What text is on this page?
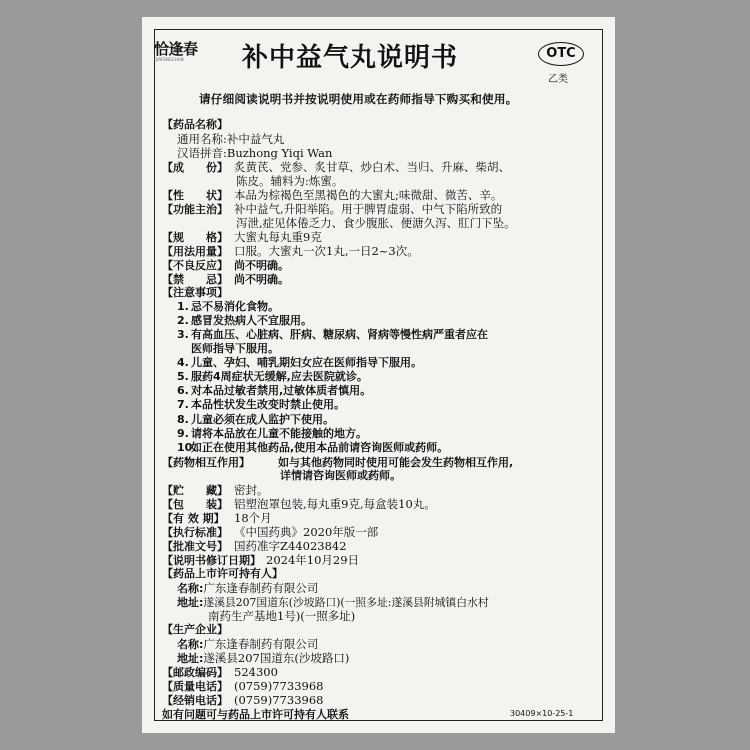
恰逢春
QIAFENGCHUN 补中益气丸说明书	OTC
乙类
请仔细阅读说明书并按说明使用或在药师指导下购买和使用。
【药品名称】
通用名称:补中益气丸
汉语拼音:Buzhong Yiqi Wan
【成　　份】 炙黄芪、党参、炙甘草、炒白术、当归、升麻、柴胡、
陈皮。辅料为:炼蜜。
【性　　状】 本品为棕褐色至黑褐色的大蜜丸;味微甜、微苦、辛。
【功能主治】 补中益气,升阳举陷。用于脾胃虚弱、中气下陷所致的
泻泄,症见体倦乏力、食少腹胀、便溏久泻、肛门下坠。
【规　　格】 大蜜丸每丸重9克
【用法用量】 口服。大蜜丸一次1丸,一日2~3次。
【不良反应】 尚不明确。
【禁　　忌】 尚不明确。
【注意事项】
1. 忌不易消化食物。
2. 感冒发热病人不宜服用。
3. 有高血压、心脏病、肝病、糖尿病、肾病等慢性病严重者应在
医师指导下服用。
4. 儿童、孕妇、哺乳期妇女应在医师指导下服用。
5. 服药4周症状无缓解,应去医院就诊。
6. 对本品过敏者禁用,过敏体质者慎用。
7. 本品性状发生改变时禁止使用。
8. 儿童必须在成人监护下使用。
9. 请将本品放在儿童不能接触的地方。
10.如正在使用其他药品,使用本品前请咨询医师或药师。
【药物相互作用】	如与其他药物同时使用可能会发生药物相互作用,
详情请咨询医师或药师。
【贮　　藏】 密封。
【包　　装】 铝塑泡罩包装,每丸重9克,每盒装10丸。
【有 效 期】 18个月
【执行标准】 《中国药典》2020年版一部
【批准文号】 国药准字Z44023842
【说明书修订日期】 2024年10月29日
【药品上市许可持有人】
名称:广东逢春制药有限公司
地址:遂溪县207国道东(沙坡路口)(一照多址:遂溪县附城镇白水村
南药生产基地1号)(一照多址)
【生产企业】
名称:广东逢春制药有限公司
地址:遂溪县207国道东(沙坡路口)
【邮政编码】 524300
【质量电话】 (0759)7733968
【经销电话】 (0759)7733968
如有问题可与药品上市许可持有人联系	30409×10-25-1
